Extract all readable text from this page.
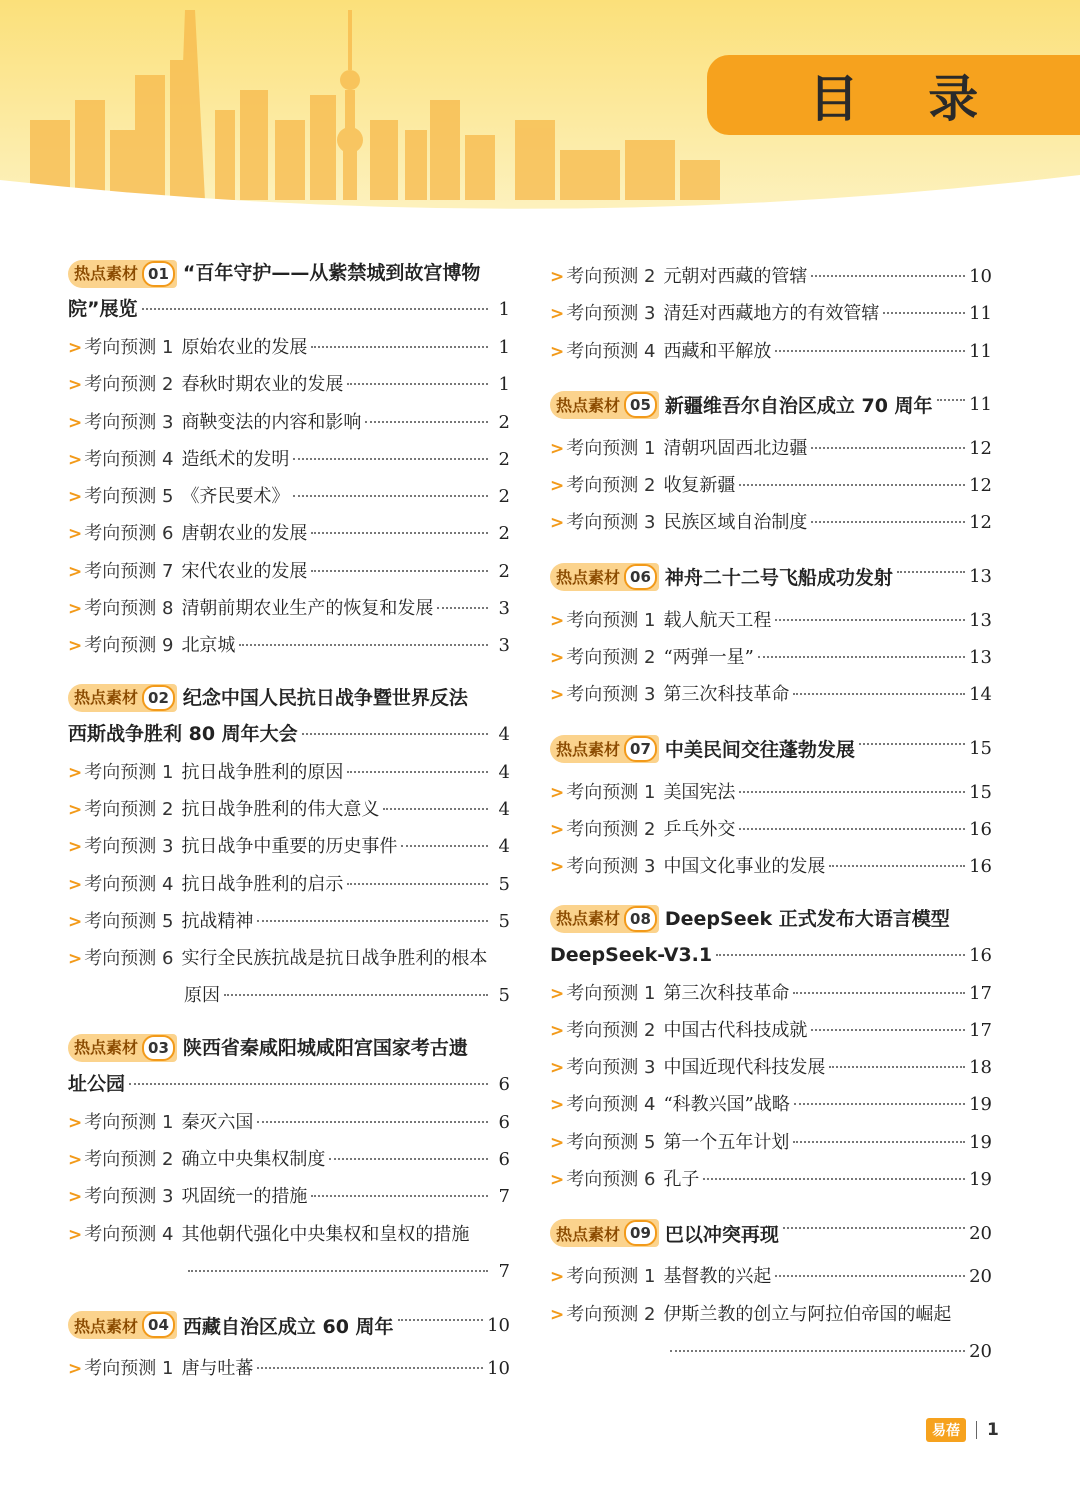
目 录
热点素材 01 “百年守护——从紫禁城到故宫博物
院”展览	1
> 考向预测 1 原始农业的发展	1
> 考向预测 2 春秋时期农业的发展	1
> 考向预测 3 商鞅变法的内容和影响	2
> 考向预测 4 造纸术的发明	2
> 考向预测 5 《齐民要术》	2
> 考向预测 6 唐朝农业的发展	2
> 考向预测 7 宋代农业的发展	2
> 考向预测 8 清朝前期农业生产的恢复和发展	3
> 考向预测 9 北京城	3
热点素材 02 纪念中国人民抗日战争暨世界反法
西斯战争胜利 80 周年大会	4
> 考向预测 1 抗日战争胜利的原因	4
> 考向预测 2 抗日战争胜利的伟大意义	4
> 考向预测 3 抗日战争中重要的历史事件	4
> 考向预测 4 抗日战争胜利的启示	5
> 考向预测 5 抗战精神	5
> 考向预测 6 实行全民族抗战是抗日战争胜利的根本
原因	5
热点素材 03 陕西省秦咸阳城咸阳宫国家考古遗
址公园	6
> 考向预测 1 秦灭六国	6
> 考向预测 2 确立中央集权制度	6
> 考向预测 3 巩固统一的措施	7
> 考向预测 4 其他朝代强化中央集权和皇权的措施
7
热点素材 04 西藏自治区成立 60 周年	10
> 考向预测 1 唐与吐蕃	10
> 考向预测 2 元朝对西藏的管辖	10
> 考向预测 3 清廷对西藏地方的有效管辖	11
> 考向预测 4 西藏和平解放	11
热点素材 05 新疆维吾尔自治区成立 70 周年 11
> 考向预测 1 清朝巩固西北边疆	12
> 考向预测 2 收复新疆	12
> 考向预测 3 民族区域自治制度	12
热点素材 06 神舟二十二号飞船成功发射	13
> 考向预测 1 载人航天工程	13
> 考向预测 2 “两弹一星”	13
> 考向预测 3 第三次科技革命	14
热点素材 07 中美民间交往蓬勃发展	15
> 考向预测 1 美国宪法	15
> 考向预测 2 乒乓外交	16
> 考向预测 3 中国文化事业的发展	16
热点素材 08 DeepSeek 正式发布大语言模型
DeepSeek-V3.1	16
> 考向预测 1 第三次科技革命	17
> 考向预测 2 中国古代科技成就	17
> 考向预测 3 中国近现代科技发展	18
> 考向预测 4 “科教兴国”战略	19
> 考向预测 5 第一个五年计划	19
> 考向预测 6 孔子	19
热点素材 09 巴以冲突再现	20
> 考向预测 1 基督教的兴起	20
> 考向预测 2 伊斯兰教的创立与阿拉伯帝国的崛起
20
易蓓	1
